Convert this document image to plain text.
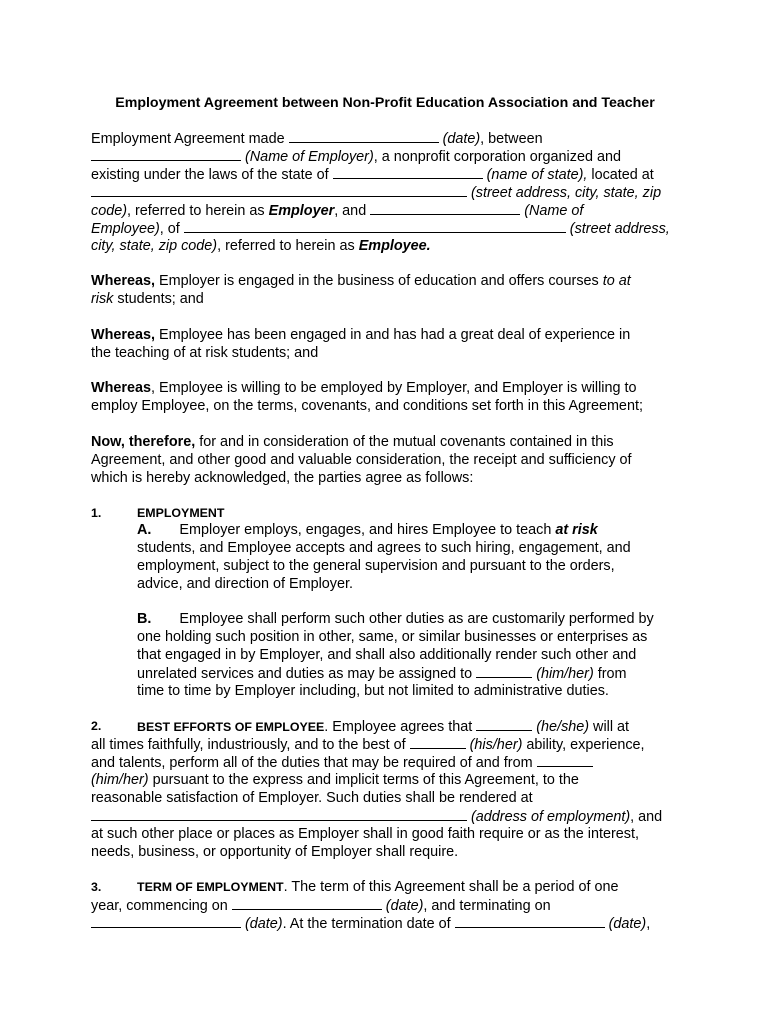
Employment Agreement between Non-Profit Education Association and Teacher
Employment Agreement made	(date), between
(Name of Employer), a nonprofit corporation organized and
existing under the laws of the state of	(name of state), located at
(street address, city, state, zip
code), referred to herein as Employer, and	(Name of
Employee), of	(street address,
city, state, zip code), referred to herein as Employee.
Whereas, Employer is engaged in the business of education and offers courses to at
risk students; and
Whereas, Employee has been engaged in and has had a great deal of experience in
the teaching of at risk students; and
Whereas, Employee is willing to be employed by Employer, and Employer is willing to
employ Employee, on the terms, covenants, and conditions set forth in this Agreement;
Now, therefore, for and in consideration of the mutual covenants contained in this
Agreement, and other good and valuable consideration, the receipt and sufficiency of
which is hereby acknowledged, the parties agree as follows:
1.	EMPLOYMENT
A. Employer employs, engages, and hires Employee to teach at risk
students, and Employee accepts and agrees to such hiring, engagement, and
employment, subject to the general supervision and pursuant to the orders,
advice, and direction of Employer.
B. Employee shall perform such other duties as are customarily performed by
one holding such position in other, same, or similar businesses or enterprises as
that engaged in by Employer, and shall also additionally render such other and
unrelated services and duties as may be assigned to	(him/her) from
time to time by Employer including, but not limited to administrative duties.
2.	BEST EFFORTS OF EMPLOYEE. Employee agrees that	(he/she) will at
all times faithfully, industriously, and to the best of	(his/her) ability, experience,
and talents, perform all of the duties that may be required of and from
(him/her) pursuant to the express and implicit terms of this Agreement, to the
reasonable satisfaction of Employer. Such duties shall be rendered at
(address of employment), and
at such other place or places as Employer shall in good faith require or as the interest,
needs, business, or opportunity of Employer shall require.
3.	TERM OF EMPLOYMENT. The term of this Agreement shall be a period of one
year, commencing on	(date), and terminating on
(date). At the termination date of	(date),
